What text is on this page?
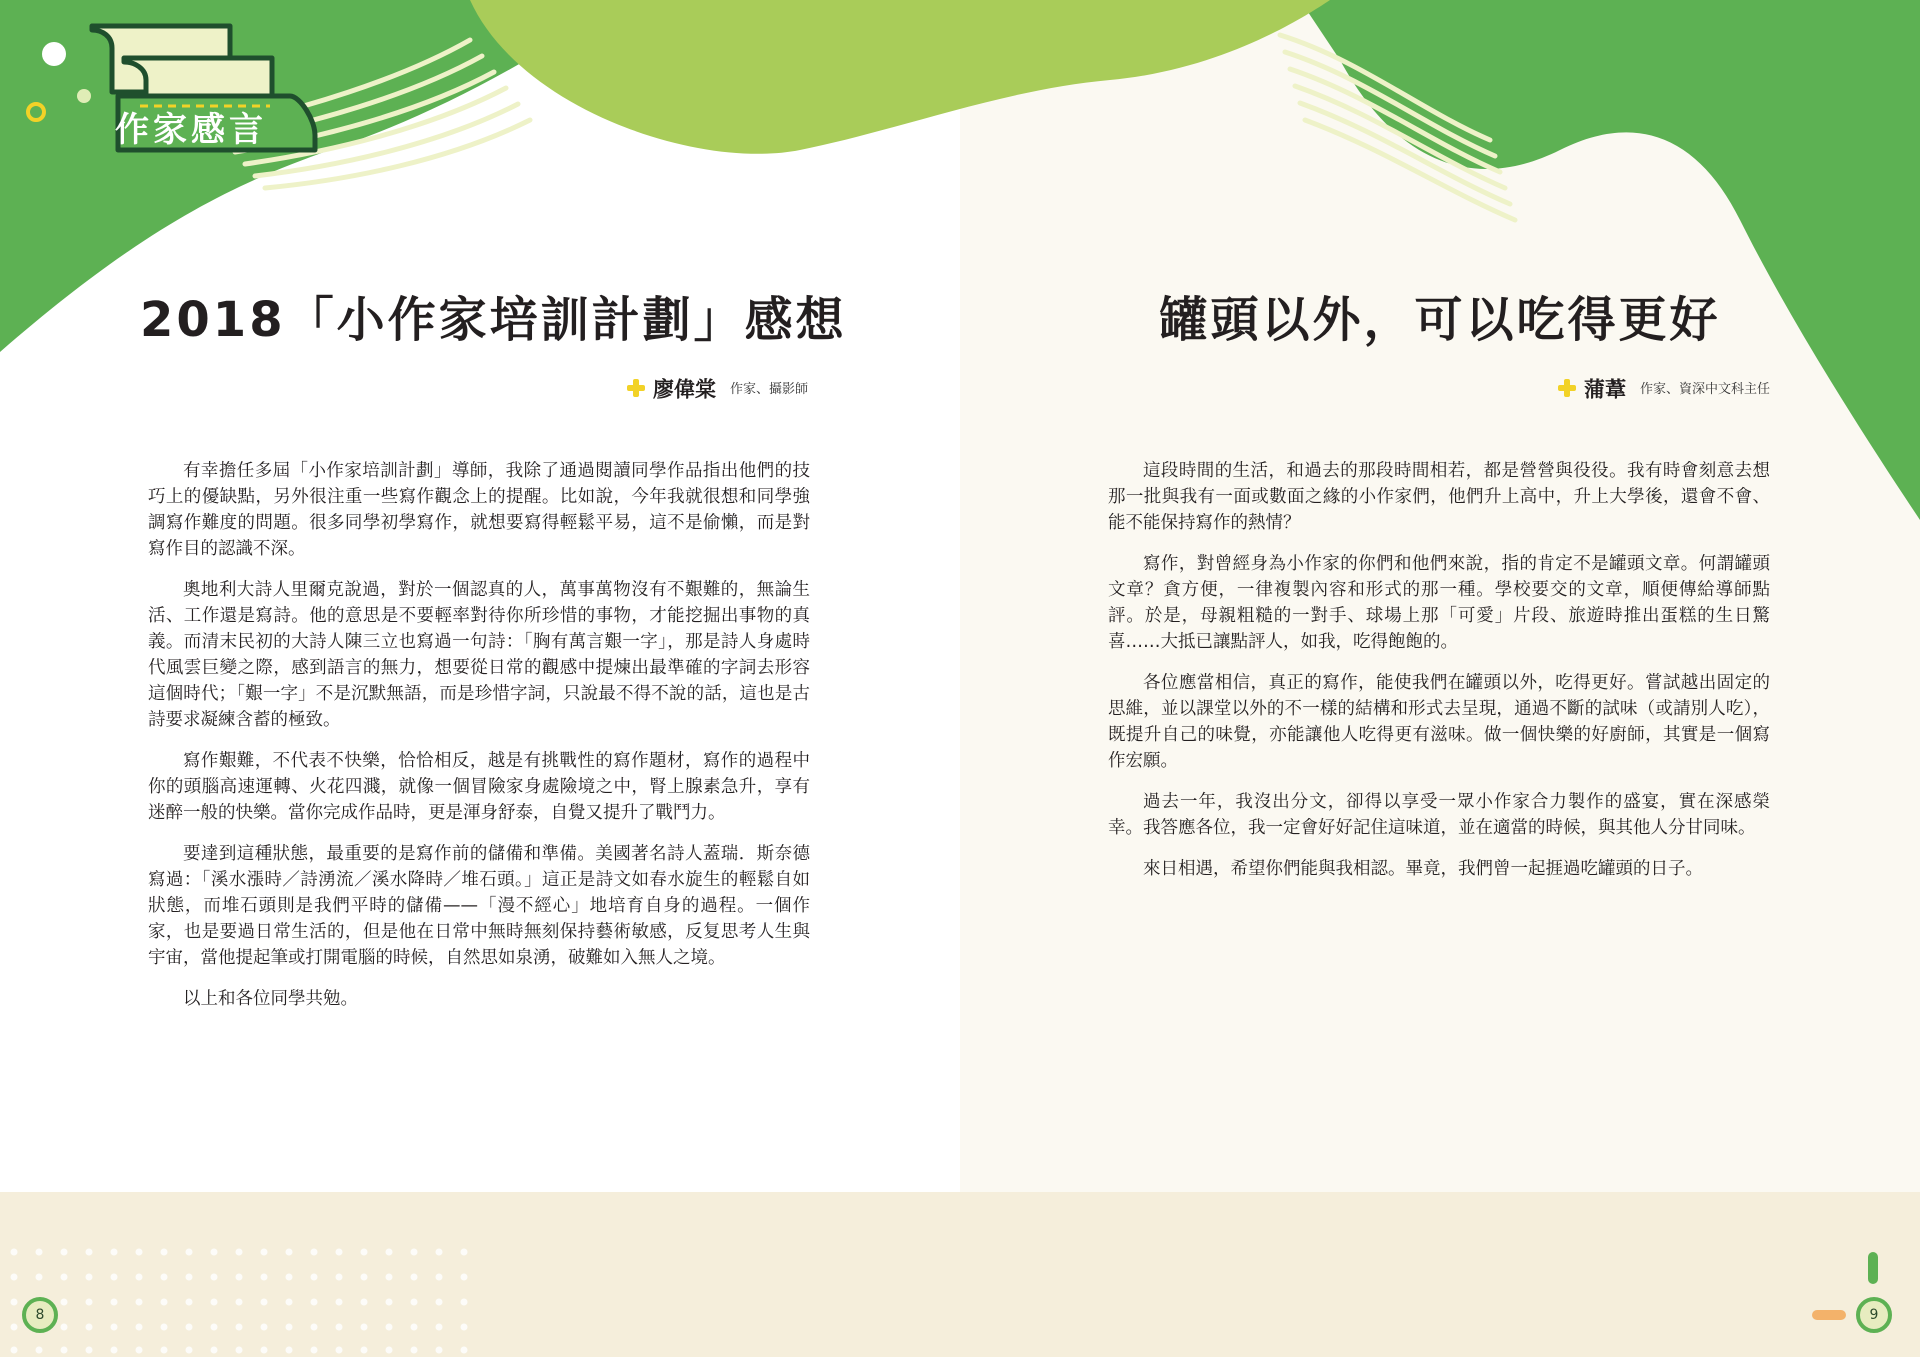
作家感言
2018「小作家培訓計劃」感想
廖偉棠 作家、攝影師

有幸擔任多屆「小作家培訓計劃」導師，我除了通過閱讀同學作品指出他們的技巧上的優缺點，另外很注重一些寫作觀念上的提醒。比如說，今年我就很想和同學強調寫作難度的問題。很多同學初學寫作，就想要寫得輕鬆平易，這不是偷懶，而是對寫作目的認識不深。

奧地利大詩人里爾克說過，對於一個認真的人，萬事萬物沒有不艱難的，無論生活、工作還是寫詩。他的意思是不要輕率對待你所珍惜的事物，才能挖掘出事物的真義。而清末民初的大詩人陳三立也寫過一句詩：「胸有萬言艱一字」，那是詩人身處時代風雲巨變之際，感到語言的無力，想要從日常的觀感中提煉出最準確的字詞去形容這個時代；「艱一字」不是沉默無語，而是珍惜字詞，只說最不得不說的話，這也是古詩要求凝練含蓄的極致。

寫作艱難，不代表不快樂，恰恰相反，越是有挑戰性的寫作題材，寫作的過程中你的頭腦高速運轉、火花四濺，就像一個冒險家身處險境之中，腎上腺素急升，享有迷醉一般的快樂。當你完成作品時，更是渾身舒泰，自覺又提升了戰鬥力。

要達到這種狀態，最重要的是寫作前的儲備和準備。美國著名詩人蓋瑞．斯奈德寫過：「溪水漲時／詩湧流／溪水降時／堆石頭。」這正是詩文如春水旋生的輕鬆自如狀態，而堆石頭則是我們平時的儲備——「漫不經心」地培育自身的過程。一個作家，也是要過日常生活的，但是他在日常中無時無刻保持藝術敏感，反复思考人生與宇宙，當他提起筆或打開電腦的時候，自然思如泉湧，破難如入無人之境。

以上和各位同學共勉。

罐頭以外，可以吃得更好
蒲葦 作家、資深中文科主任

這段時間的生活，和過去的那段時間相若，都是營營與役役。我有時會刻意去想那一批與我有一面或數面之緣的小作家們，他們升上高中，升上大學後，還會不會、能不能保持寫作的熱情？

寫作，對曾經身為小作家的你們和他們來說，指的肯定不是罐頭文章。何謂罐頭文章？貪方便，一律複製內容和形式的那一種。學校要交的文章，順便傳給導師點評。於是，母親粗糙的一對手、球場上那「可愛」片段、旅遊時推出蛋糕的生日驚喜……大抵已讓點評人，如我，吃得飽飽的。

各位應當相信，真正的寫作，能使我們在罐頭以外，吃得更好。嘗試越出固定的思維，並以課堂以外的不一樣的結構和形式去呈現，通過不斷的試味（或請別人吃），既提升自己的味覺，亦能讓他人吃得更有滋味。做一個快樂的好廚師，其實是一個寫作宏願。

過去一年，我沒出分文，卻得以享受一眾小作家合力製作的盛宴，實在深感榮幸。我答應各位，我一定會好好記住這味道，並在適當的時候，與其他人分甘同味。

來日相遇，希望你們能與我相認。畢竟，我們曾一起捱過吃罐頭的日子。

8	9
